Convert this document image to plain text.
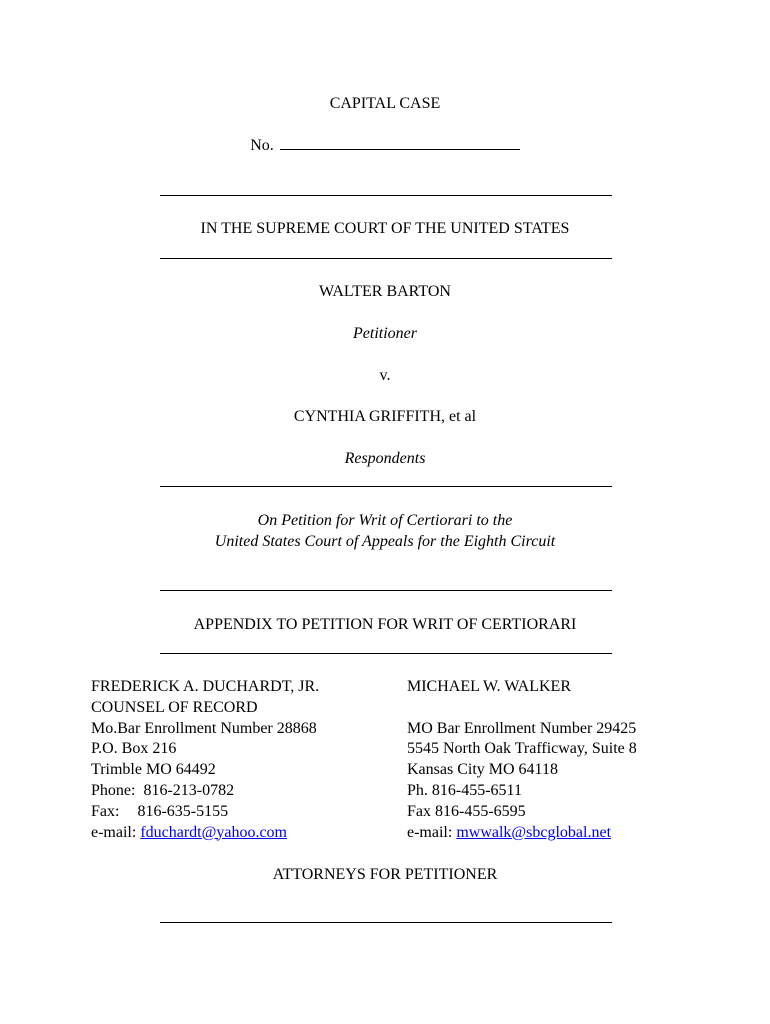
CAPITAL CASE
No.
IN THE SUPREME COURT OF THE UNITED STATES
WALTER BARTON
Petitioner
v.
CYNTHIA GRIFFITH, et al
Respondents
On Petition for Writ of Certiorari to the
United States Court of Appeals for the Eighth Circuit
APPENDIX TO PETITION FOR WRIT OF CERTIORARI
FREDERICK A. DUCHARDT, JR.
COUNSEL OF RECORD
Mo.Bar Enrollment Number 28868
P.O. Box 216
Trimble MO 64492
Phone:  816-213-0782
Fax: 816-635-5155
e-mail: fduchardt@yahoo.com
MICHAEL W. WALKER
MO Bar Enrollment Number 29425
5545 North Oak Trafficway, Suite 8
Kansas City MO 64118
Ph. 816-455-6511
Fax 816-455-6595
e-mail: mwwalk@sbcglobal.net
ATTORNEYS FOR PETITIONER
